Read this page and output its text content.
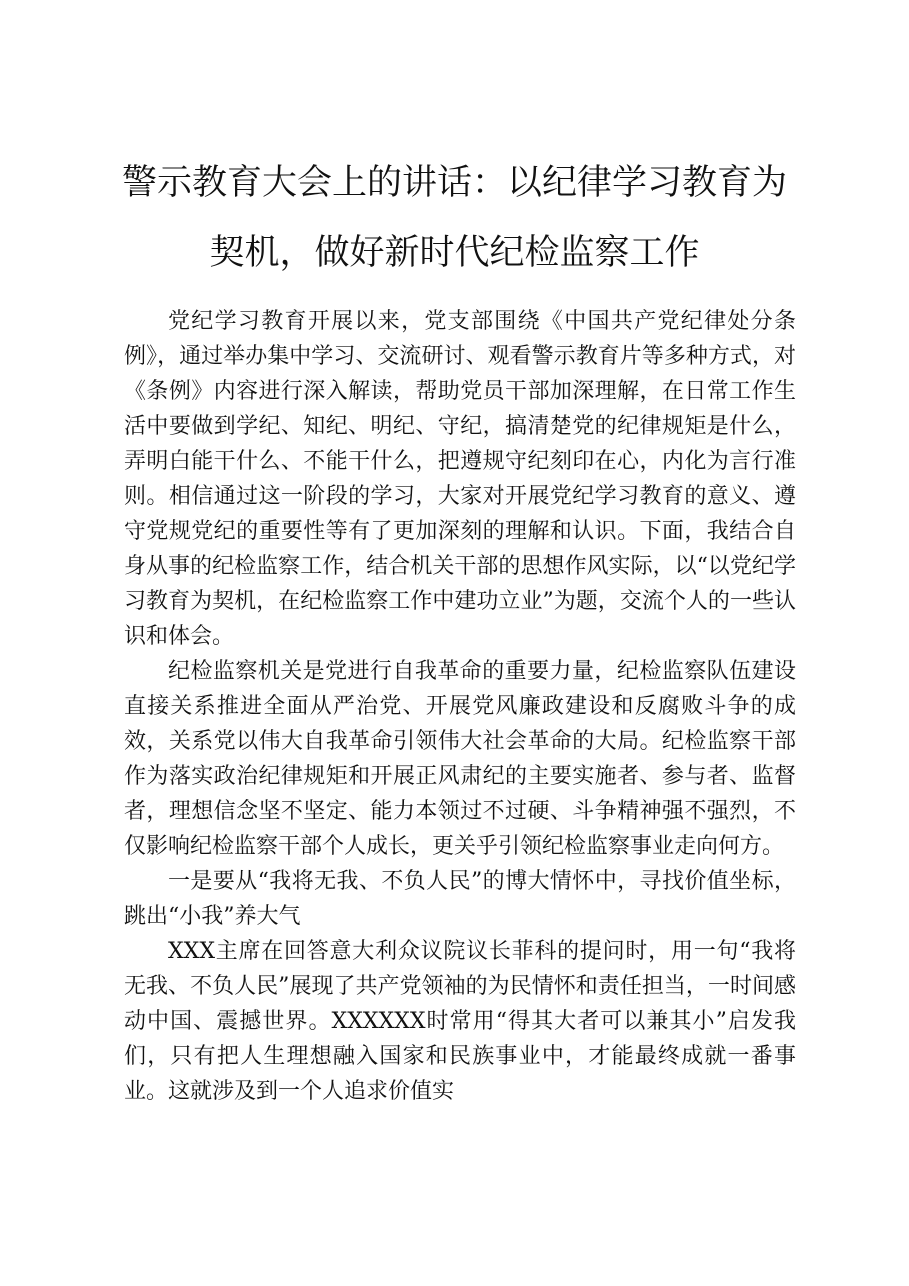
警示教育大会上的讲话：以纪律学习教育为契机，做好新时代纪检监察工作

党纪学习教育开展以来，党支部围绕《中国共产党纪律处分条例》，通过举办集中学习、交流研讨、观看警示教育片等多种方式，对《条例》内容进行深入解读，帮助党员干部加深理解，在日常工作生活中要做到学纪、知纪、明纪、守纪，搞清楚党的纪律规矩是什么，弄明白能干什么、不能干什么，把遵规守纪刻印在心，内化为言行准则。相信通过这一阶段的学习，大家对开展党纪学习教育的意义、遵守党规党纪的重要性等有了更加深刻的理解和认识。下面，我结合自身从事的纪检监察工作，结合机关干部的思想作风实际，以“以党纪学习教育为契机，在纪检监察工作中建功立业”为题，交流个人的一些认识和体会。

纪检监察机关是党进行自我革命的重要力量，纪检监察队伍建设直接关系推进全面从严治党、开展党风廉政建设和反腐败斗争的成效，关系党以伟大自我革命引领伟大社会革命的大局。纪检监察干部作为落实政治纪律规矩和开展正风肃纪的主要实施者、参与者、监督者，理想信念坚不坚定、能力本领过不过硬、斗争精神强不强烈，不仅影响纪检监察干部个人成长，更关乎引领纪检监察事业走向何方。

一是要从“我将无我、不负人民”的博大情怀中，寻找价值坐标，跳出“小我”养大气

XXX主席在回答意大利众议院议长菲科的提问时，用一句“我将无我、不负人民”展现了共产党领袖的为民情怀和责任担当，一时间感动中国、震撼世界。XXXXXX时常用“得其大者可以兼其小”启发我们，只有把人生理想融入国家和民族事业中，才能最终成就一番事业。这就涉及到一个人追求价值实
